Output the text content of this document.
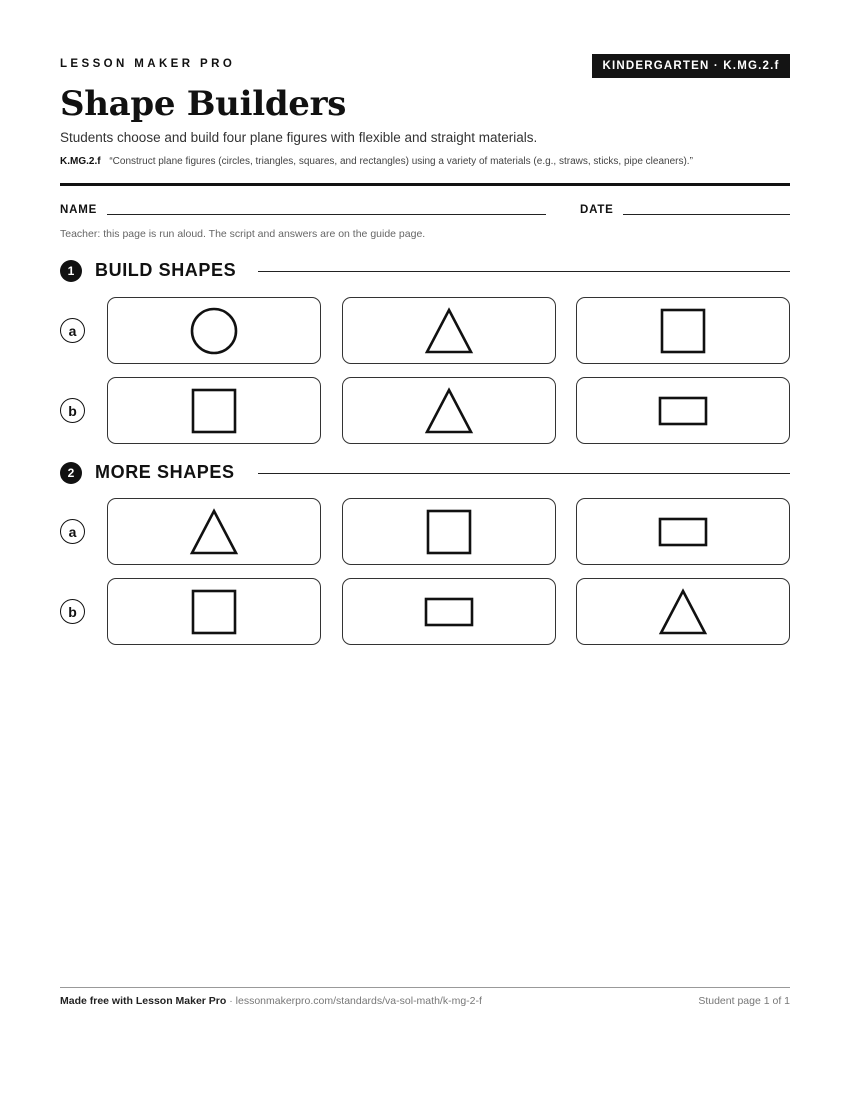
LESSON MAKER PRO	KINDERGARTEN · K.MG.2.f
Shape Builders
Students choose and build four plane figures with flexible and straight materials.
K.MG.2.f “Construct plane figures (circles, triangles, squares, and rectangles) using a variety of materials (e.g., straws, sticks, pipe cleaners).”
NAME	DATE
Teacher: this page is run aloud. The script and answers are on the guide page.
1	BUILD SHAPES
a
b
2	MORE SHAPES
a
b
Made free with Lesson Maker Pro · lessonmakerpro.com/standards/va-sol-math/k-mg-2-f	Student page 1 of 1
